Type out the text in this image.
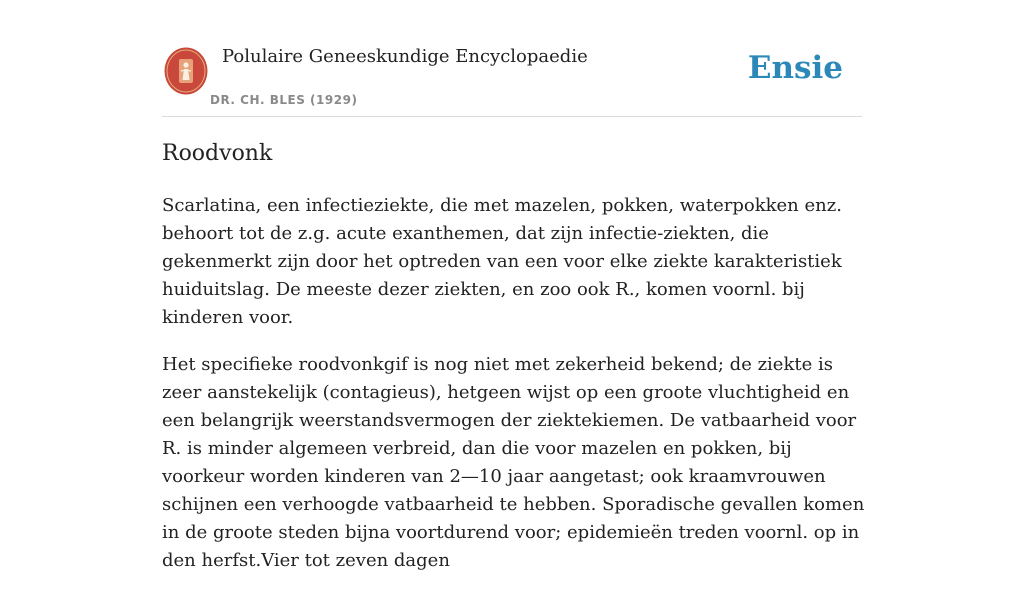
Polulaire Geneeskundige Encyclopaedie
DR. CH. BLES (1929)
Ensie
Roodvonk

Scarlatina, een infectieziekte, die met mazelen, pokken, waterpokken enz. behoort tot de z.g. acute exanthemen, dat zijn infectie-ziekten, die gekenmerkt zijn door het optreden van een voor elke ziekte karakteristiek huiduitslag. De meeste dezer ziekten, en zoo ook R., komen voornl. bij kinderen voor.

Het specifieke roodvonkgif is nog niet met zekerheid bekend; de ziekte is zeer aanstekelijk (contagieus), hetgeen wijst op een groote vluchtigheid en een belangrijk weerstandsvermogen der ziektekiemen. De vatbaarheid voor R. is minder algemeen verbreid, dan die voor mazelen en pokken, bij voorkeur worden kinderen van 2—10 jaar aangetast; ook kraamvrouwen schijnen een verhoogde vatbaarheid te hebben. Sporadische gevallen komen in de groote steden bijna voortdurend voor; epidemieën treden voornl. op in den herfst.Vier tot zeven dagen
